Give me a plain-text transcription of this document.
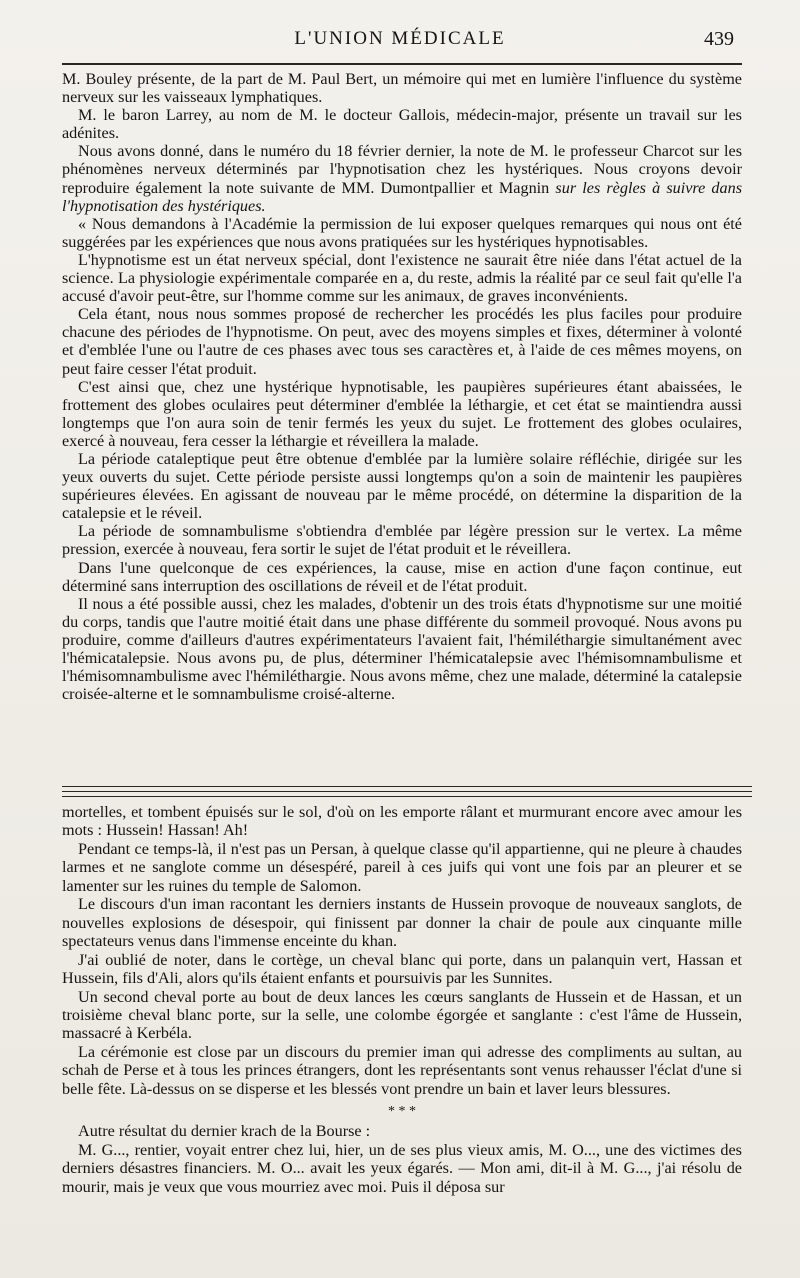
L'UNION MÉDICALE	439

M. Bouley présente, de la part de M. Paul Bert, un mémoire qui met en lumière l'influence du système nerveux sur les vaisseaux lymphatiques.

M. le baron Larrey, au nom de M. le docteur Gallois, médecin-major, présente un travail sur les adénites.

Nous avons donné, dans le numéro du 18 février dernier, la note de M. le professeur Charcot sur les phénomènes nerveux déterminés par l'hypnotisation chez les hystériques. Nous croyons devoir reproduire également la note suivante de MM. Dumontpallier et Magnin sur les règles à suivre dans l'hypnotisation des hystériques.

« Nous demandons à l'Académie la permission de lui exposer quelques remarques qui nous ont été suggérées par les expériences que nous avons pratiquées sur les hystériques hypnotisables.

L'hypnotisme est un état nerveux spécial, dont l'existence ne saurait être niée dans l'état actuel de la science. La physiologie expérimentale comparée en a, du reste, admis la réalité par ce seul fait qu'elle l'a accusé d'avoir peut-être, sur l'homme comme sur les animaux, de graves inconvénients.

Cela étant, nous nous sommes proposé de rechercher les procédés les plus faciles pour produire chacune des périodes de l'hypnotisme. On peut, avec des moyens simples et fixes, déterminer à volonté et d'emblée l'une ou l'autre de ces phases avec tous ses caractères et, à l'aide de ces mêmes moyens, on peut faire cesser l'état produit.

C'est ainsi que, chez une hystérique hypnotisable, les paupières supérieures étant abaissées, le frottement des globes oculaires peut déterminer d'emblée la léthargie, et cet état se maintiendra aussi longtemps que l'on aura soin de tenir fermés les yeux du sujet. Le frottement des globes oculaires, exercé à nouveau, fera cesser la léthargie et réveillera la malade.

La période cataleptique peut être obtenue d'emblée par la lumière solaire réfléchie, dirigée sur les yeux ouverts du sujet. Cette période persiste aussi longtemps qu'on a soin de maintenir les paupières supérieures élevées. En agissant de nouveau par le même procédé, on détermine la disparition de la catalepsie et le réveil.

La période de somnambulisme s'obtiendra d'emblée par légère pression sur le vertex. La même pression, exercée à nouveau, fera sortir le sujet de l'état produit et le réveillera.

Dans l'une quelconque de ces expériences, la cause, mise en action d'une façon continue, eut déterminé sans interruption des oscillations de réveil et de l'état produit.

Il nous a été possible aussi, chez les malades, d'obtenir un des trois états d'hypnotisme sur une moitié du corps, tandis que l'autre moitié était dans une phase différente du sommeil provoqué. Nous avons pu produire, comme d'ailleurs d'autres expérimentateurs l'avaient fait, l'hémiléthargie simultanément avec l'hémicatalepsie. Nous avons pu, de plus, déterminer l'hémicatalepsie avec l'hémisomnambulisme et l'hémisomnambulisme avec l'hémiléthargie. Nous avons même, chez une malade, déterminé la catalepsie croisée-alterne et le somnambulisme croisé-alterne.

mortelles, et tombent épuisés sur le sol, d'où on les emporte râlant et murmurant encore avec amour les mots : Hussein! Hassan! Ah!

Pendant ce temps-là, il n'est pas un Persan, à quelque classe qu'il appartienne, qui ne pleure à chaudes larmes et ne sanglote comme un désespéré, pareil à ces juifs qui vont une fois par an pleurer et se lamenter sur les ruines du temple de Salomon.

Le discours d'un iman racontant les derniers instants de Hussein provoque de nouveaux sanglots, de nouvelles explosions de désespoir, qui finissent par donner la chair de poule aux cinquante mille spectateurs venus dans l'immense enceinte du khan.

J'ai oublié de noter, dans le cortège, un cheval blanc qui porte, dans un palanquin vert, Hassan et Hussein, fils d'Ali, alors qu'ils étaient enfants et poursuivis par les Sunnites.

Un second cheval porte au bout de deux lances les cœurs sanglants de Hussein et de Hassan, et un troisième cheval blanc porte, sur la selle, une colombe égorgée et sanglante : c'est l'âme de Hussein, massacré à Kerbéla.

La cérémonie est close par un discours du premier iman qui adresse des compliments au sultan, au schah de Perse et à tous les princes étrangers, dont les représentants sont venus rehausser l'éclat d'une si belle fête. Là-dessus on se disperse et les blessés vont prendre un bain et laver leurs blessures.

* * *

Autre résultat du dernier krach de la Bourse :

M. G..., rentier, voyait entrer chez lui, hier, un de ses plus vieux amis, M. O..., une des victimes des derniers désastres financiers. M. O... avait les yeux égarés. — Mon ami, dit-il à M. G..., j'ai résolu de mourir, mais je veux que vous mourriez avec moi. Puis il déposa sur
